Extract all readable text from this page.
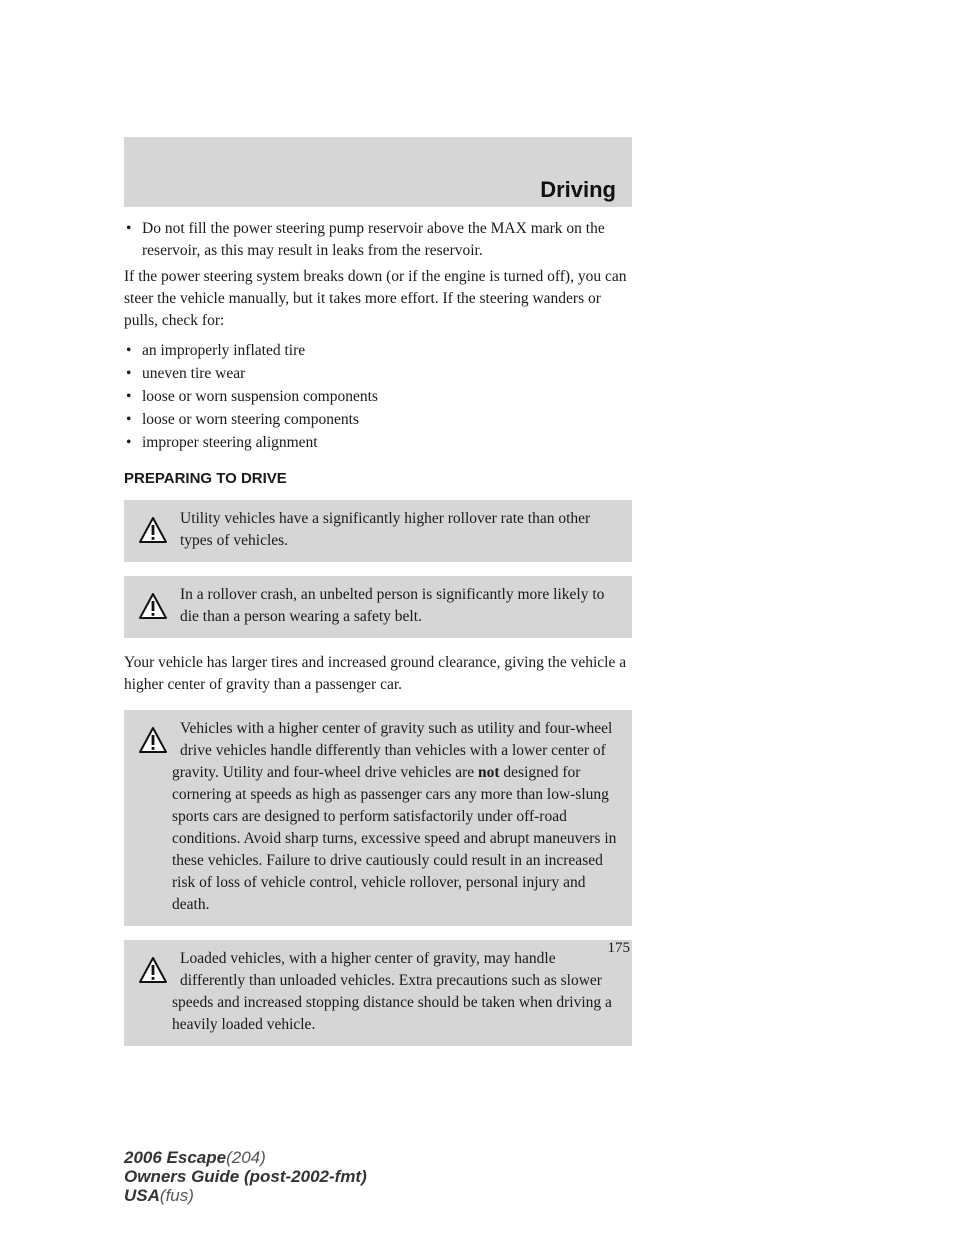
Driving
• Do not fill the power steering pump reservoir above the MAX mark on the reservoir, as this may result in leaks from the reservoir.

If the power steering system breaks down (or if the engine is turned off), you can steer the vehicle manually, but it takes more effort. If the steering wanders or pulls, check for:

• an improperly inflated tire
• uneven tire wear
• loose or worn suspension components
• loose or worn steering components
• improper steering alignment
PREPARING TO DRIVE
Utility vehicles have a significantly higher rollover rate than other types of vehicles.
In a rollover crash, an unbelted person is significantly more likely to die than a person wearing a safety belt.

Your vehicle has larger tires and increased ground clearance, giving the vehicle a higher center of gravity than a passenger car.

Vehicles with a higher center of gravity such as utility and four-wheel drive vehicles handle differently than vehicles with a lower center of gravity. Utility and four-wheel drive vehicles are not designed for cornering at speeds as high as passenger cars any more than low-slung sports cars are designed to perform satisfactorily under off-road conditions. Avoid sharp turns, excessive speed and abrupt maneuvers in these vehicles. Failure to drive cautiously could result in an increased risk of loss of vehicle control, vehicle rollover, personal injury and death.
Loaded vehicles, with a higher center of gravity, may handle differently than unloaded vehicles. Extra precautions such as slower speeds and increased stopping distance should be taken when driving a heavily loaded vehicle.
175
2006 Escape(204)
Owners Guide (post-2002-fmt)
USA(fus)
